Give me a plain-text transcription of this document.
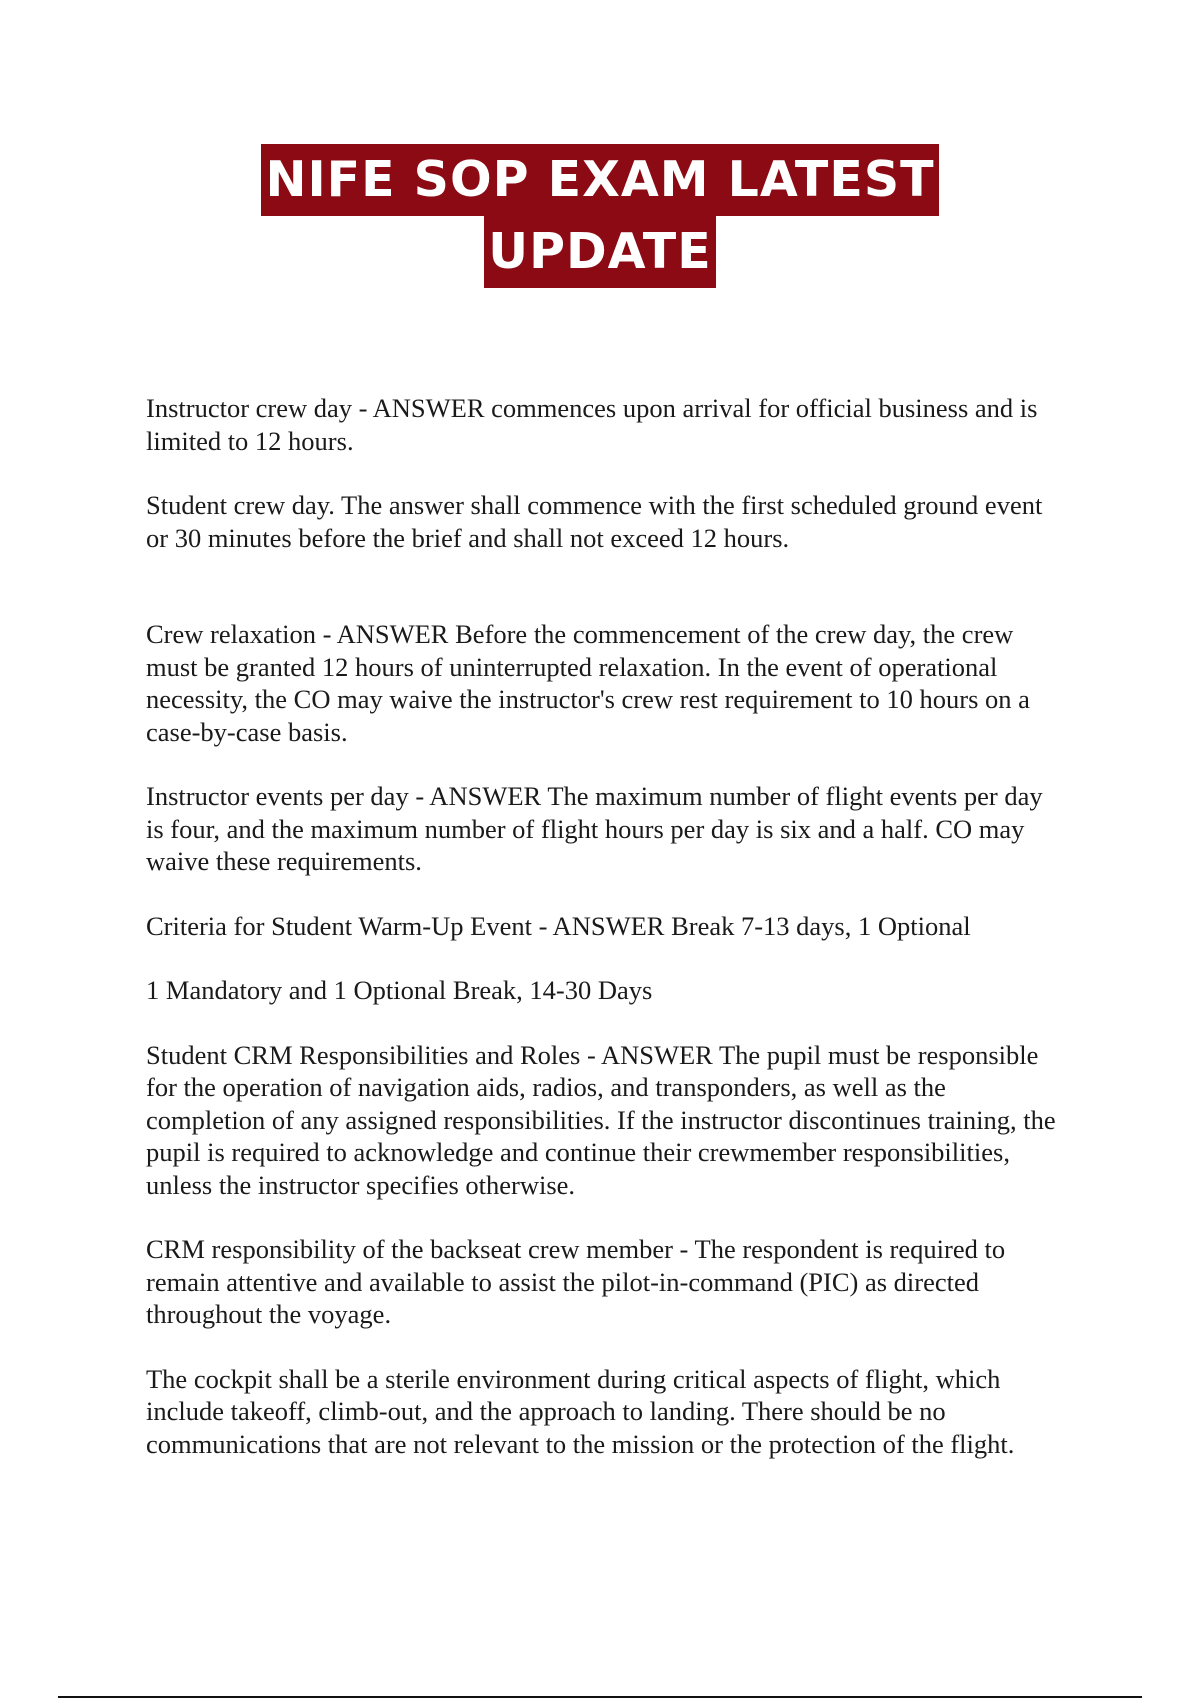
NIFE SOP EXAM LATEST
UPDATE

Instructor crew day - ANSWER commences upon arrival for official business and is limited to 12 hours.

Student crew day. The answer shall commence with the first scheduled ground event or 30 minutes before the brief and shall not exceed 12 hours.

Crew relaxation - ANSWER Before the commencement of the crew day, the crew must be granted 12 hours of uninterrupted relaxation. In the event of operational necessity, the CO may waive the instructor's crew rest requirement to 10 hours on a case-by-case basis.

Instructor events per day - ANSWER The maximum number of flight events per day is four, and the maximum number of flight hours per day is six and a half. CO may waive these requirements.

Criteria for Student Warm-Up Event - ANSWER Break 7-13 days, 1 Optional

1 Mandatory and 1 Optional Break, 14-30 Days

Student CRM Responsibilities and Roles - ANSWER The pupil must be responsible for the operation of navigation aids, radios, and transponders, as well as the completion of any assigned responsibilities. If the instructor discontinues training, the pupil is required to acknowledge and continue their crewmember responsibilities, unless the instructor specifies otherwise.

CRM responsibility of the backseat crew member - The respondent is required to remain attentive and available to assist the pilot-in-command (PIC) as directed throughout the voyage.

The cockpit shall be a sterile environment during critical aspects of flight, which include takeoff, climb-out, and the approach to landing. There should be no communications that are not relevant to the mission or the protection of the flight.
